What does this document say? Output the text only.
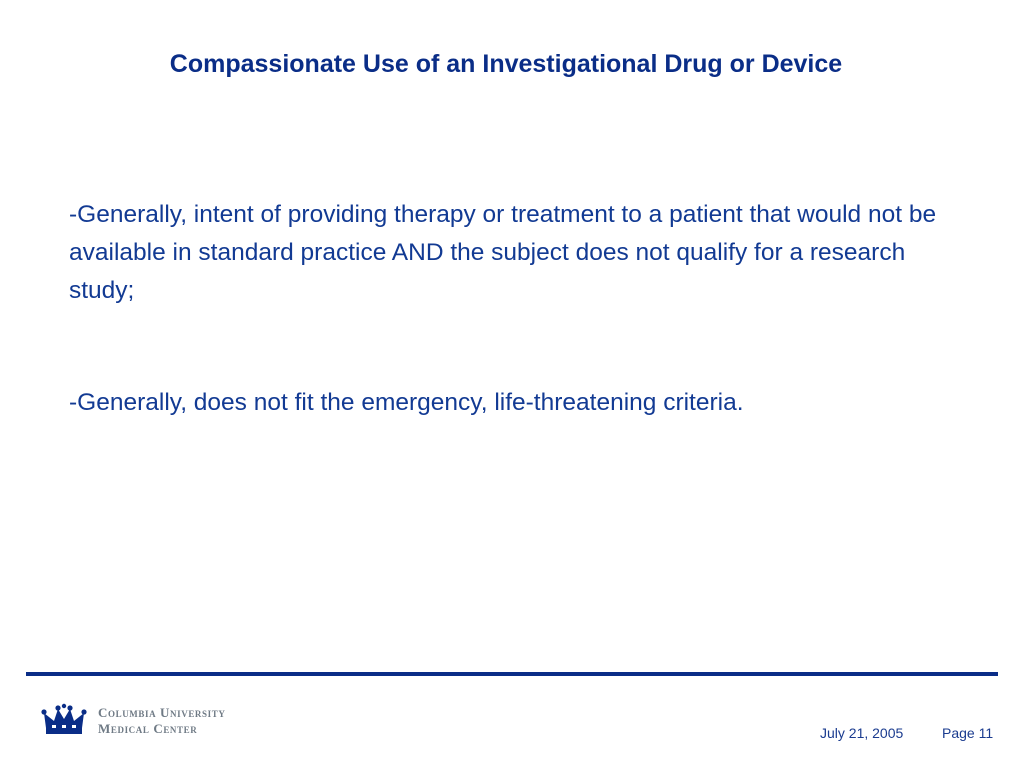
Compassionate Use of an Investigational Drug or Device

-Generally, intent of providing therapy or treatment to a patient that would not be available in standard practice AND the subject does not qualify for a research study;

-Generally, does not fit the emergency, life-threatening criteria.

Columbia University
Medical Center	July 21, 2005	Page 11
